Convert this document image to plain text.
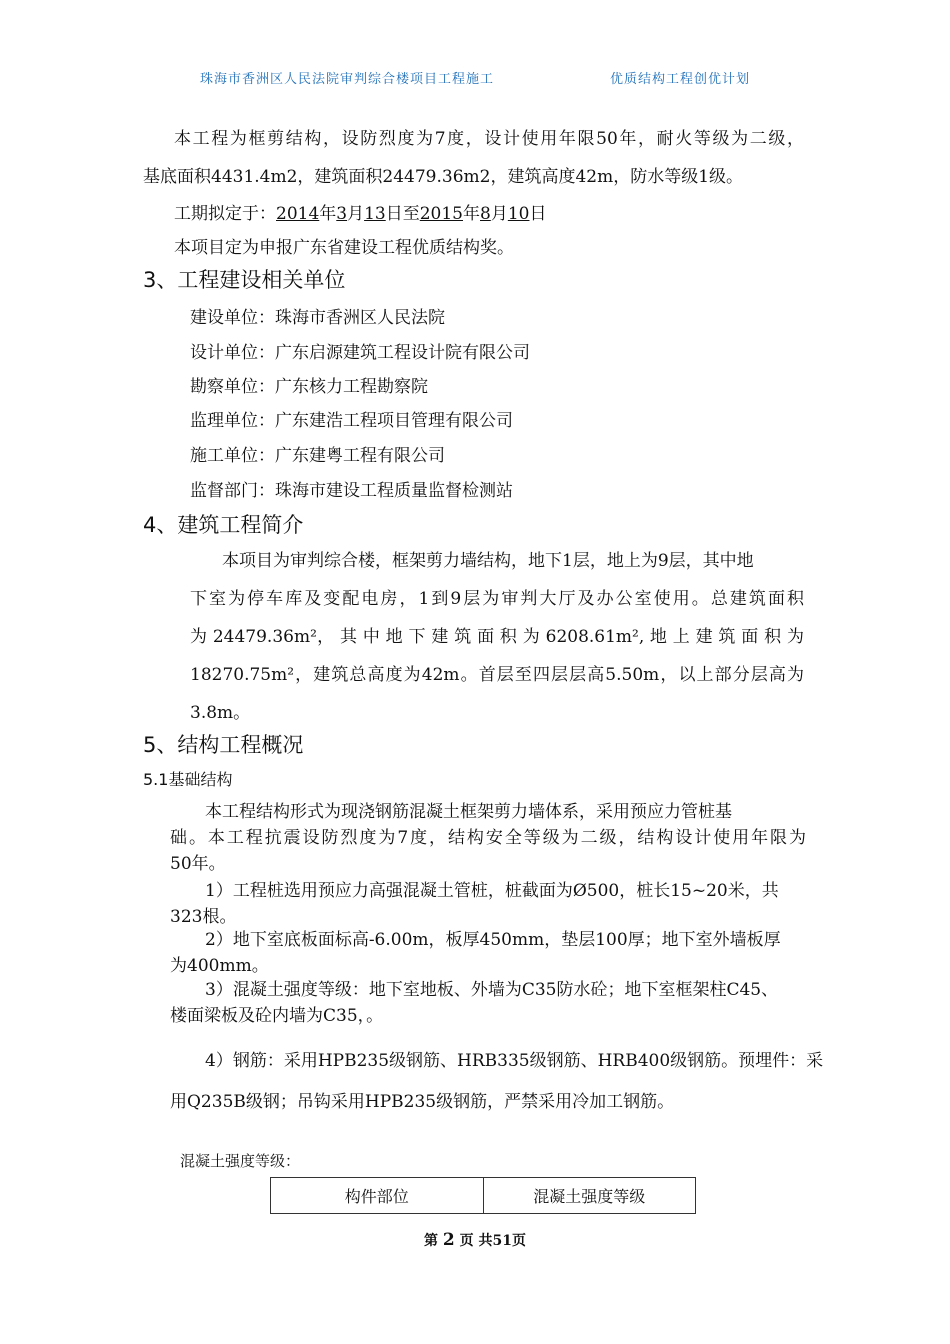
珠海市香洲区人民法院审判综合楼项目工程施工	优质结构工程创优计划
本工程为框剪结构，设防烈度为7度，设计使用年限50年，耐火等级为二级，
基底面积4431.4m2，建筑面积24479.36m2，建筑高度42m，防水等级1级。
工期拟定于：2014年3月13日至2015年8月10日
本项目定为申报广东省建设工程优质结构奖。
3、工程建设相关单位
建设单位：珠海市香洲区人民法院
设计单位：广东启源建筑工程设计院有限公司
勘察单位：广东核力工程勘察院
监理单位：广东建浩工程项目管理有限公司
施工单位：广东建粤工程有限公司
监督部门：珠海市建设工程质量监督检测站
4、建筑工程简介
本项目为审判综合楼，框架剪力墙结构，地下1层，地上为9层，其中地
下室为停车库及变配电房，1到9层为审判大厅及办公室使用。总建筑面积
为 24479.36m²， 其 中 地 下 建 筑 面 积 为 6208.61m², 地 上 建 筑 面 积 为
18270.75m²，建筑总高度为42m。首层至四层层高5.50m，以上部分层高为
3.8m。
5、结构工程概况
5.1基础结构
本工程结构形式为现浇钢筋混凝土框架剪力墙体系，采用预应力管桩基
础。本工程抗震设防烈度为7度，结构安全等级为二级，结构设计使用年限为
50年。
1）工程桩选用预应力高强混凝土管桩，桩截面为Ø500，桩长15~20米，共
323根。
2）地下室底板面标高-6.00m，板厚450mm，垫层100厚；地下室外墙板厚
为400mm。
3）混凝土强度等级：地下室地板、外墙为C35防水砼；地下室框架柱C45、
楼面梁板及砼内墙为C35，。
4）钢筋：采用HPB235级钢筋、HRB335级钢筋、HRB400级钢筋。预埋件：采
用Q235B级钢；吊钩采用HPB235级钢筋，严禁采用冷加工钢筋。
混凝土强度等级：
构件部位	混凝土强度等级
第 2 页 共51页
